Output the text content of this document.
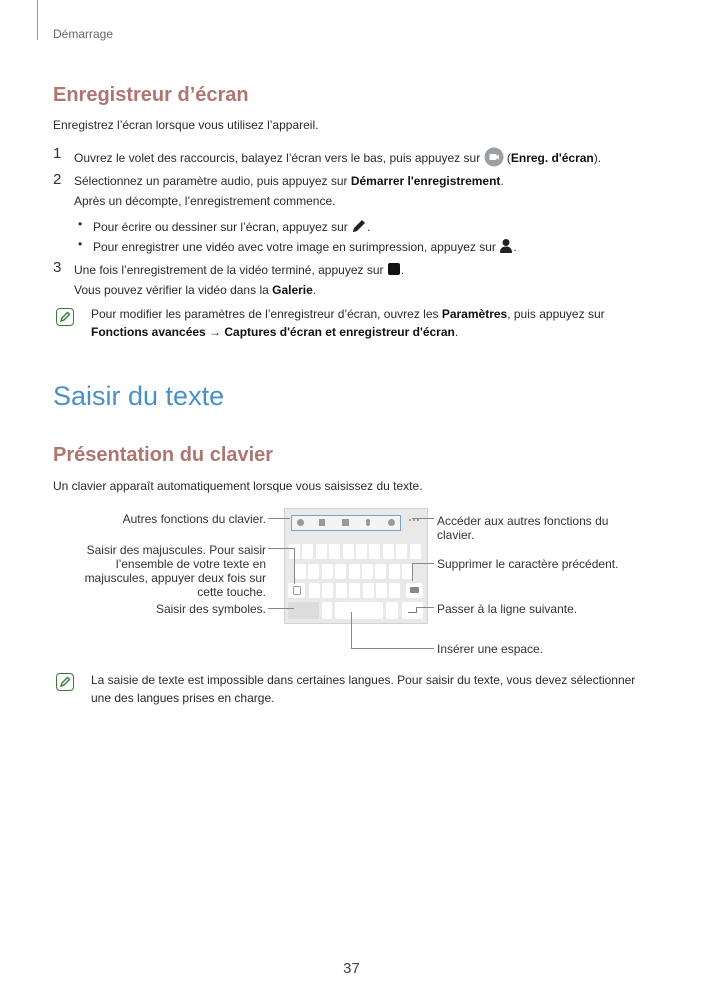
Démarrage
Enregistreur d’écran
Enregistrez l’écran lorsque vous utilisez l’appareil.
1 Ouvrez le volet des raccourcis, balayez l’écran vers le bas, puis appuyez sur  (Enreg. d'écran).
2 Sélectionnez un paramètre audio, puis appuyez sur Démarrer l'enregistrement.
Après un décompte, l’enregistrement commence.
• Pour écrire ou dessiner sur l’écran, appuyez sur .
• Pour enregistrer une vidéo avec votre image en surimpression, appuyez sur .
3 Une fois l’enregistrement de la vidéo terminé, appuyez sur .
Vous pouvez vérifier la vidéo dans la Galerie.
Pour modifier les paramètres de l’enregistreur d’écran, ouvrez les Paramètres, puis appuyez sur
Fonctions avancées → Captures d'écran et enregistreur d'écran.
Saisir du texte
Présentation du clavier
Un clavier apparaît automatiquement lorsque vous saisissez du texte.
Autres fonctions du clavier.
Saisir des majuscules. Pour saisir
l’ensemble de votre texte en
majuscules, appuyer deux fois sur
cette touche.
Saisir des symboles.
Accéder aux autres fonctions du
clavier.
Supprimer le caractère précédent.
Passer à la ligne suivante.
Insérer une espace.
La saisie de texte est impossible dans certaines langues. Pour saisir du texte, vous devez sélectionner
une des langues prises en charge.
37
